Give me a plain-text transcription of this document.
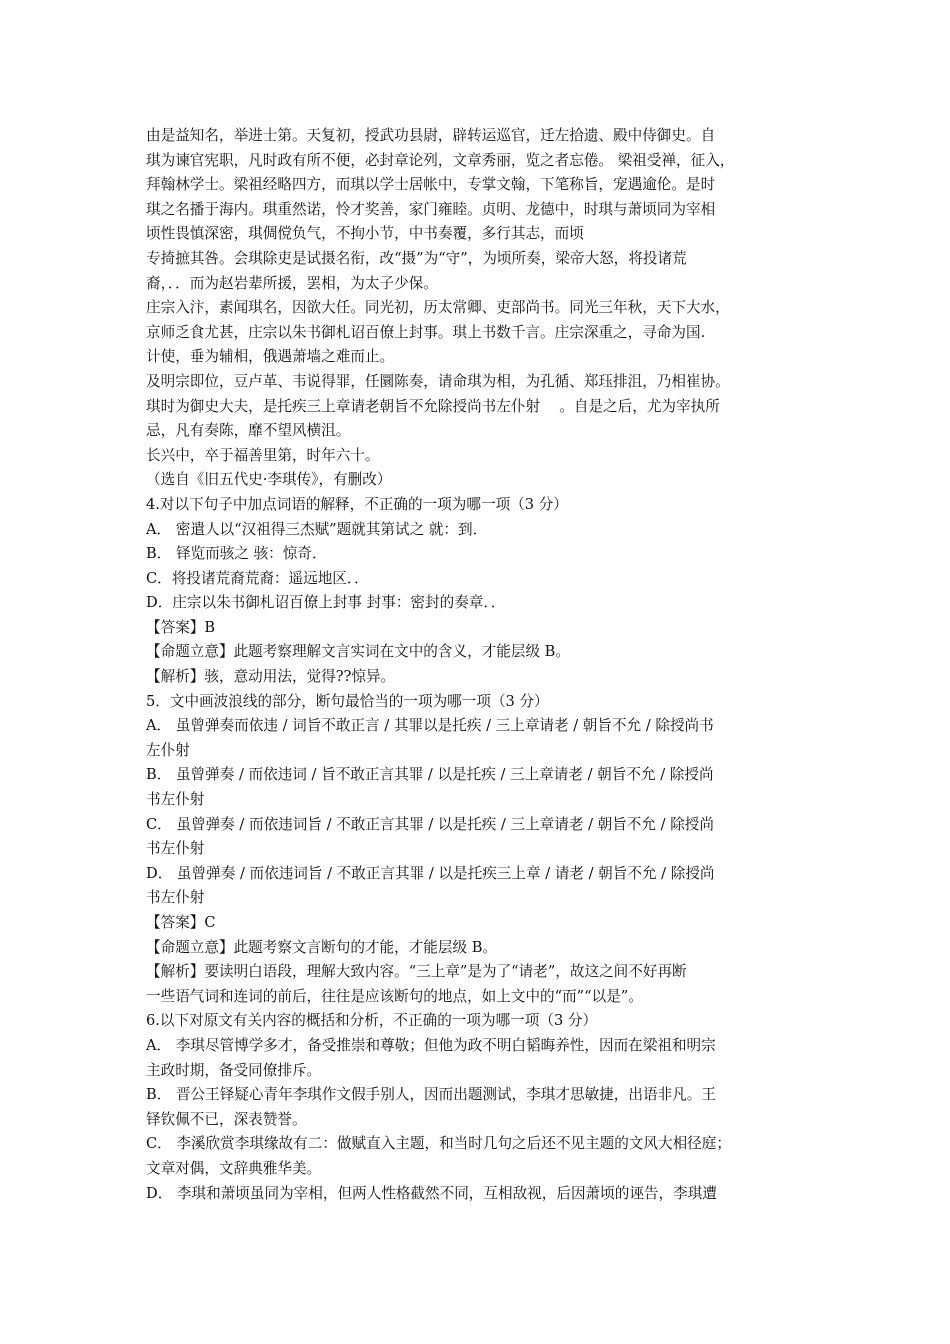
由是益知名，举进士第。天复初，授武功县尉，辟转运巡官，迁左拾遗、殿中侍御史。自
琪为谏官宪职，凡时政有所不便，必封章论列，文章秀丽，览之者忘倦。 梁祖受禅，征入，
拜翰林学士。梁祖经略四方，而琪以学士居帐中，专掌文翰，下笔称旨，宠遇逾伦。是时
琪之名播于海内。琪重然诺，怜才奖善，家门雍睦。贞明、龙德中，时琪与萧顷同为宰相
顷性畏慎深密，琪倜傥负气，不拘小节，中书奏覆，多行其志，而顷
专掎摭其咎。会琪除吏是试摄名衔，改“摄”为“守”，为顷所奏，梁帝大怒，将投诸荒
裔，．．而为赵岩辈所援，罢相，为太子少保。
庄宗入汴，素闻琪名，因欲大任。同光初，历太常卿、吏部尚书。同光三年秋，天下大水，
京师乏食尤甚，庄宗以朱书御札诏百僚上封事。琪上书数千言。庄宗深重之，寻命为国.
计使，垂为辅相，俄遇萧墙之难而止。
及明宗即位，豆卢革、韦说得罪，任圜陈奏，请命琪为相，为孔循、郑珏排沮，乃相崔协。
琪时为御史大夫，是托疾三上章请老朝旨不允除授尚书左仆射　 。自是之后，尤为宰执所
忌，凡有奏陈，靡不望风横沮。
长兴中，卒于福善里第，时年六十。
（选自《旧五代史·李琪传》，有删改）
4.对以下句子中加点词语的解释，不正确的一项为哪一项（3 分）
A． 密遣人以“汉祖得三杰赋”题就其第试之 就：到．
B． 铎览而骇之 骇：惊奇．
C．将投诸荒裔荒裔：遥远地区．．
D．庄宗以朱书御札诏百僚上封事 封事：密封的奏章．．
【答案】B
【命题立意】此题考察理解文言实词在文中的含义，才能层级 B。
【解析】骇，意动用法，觉得??惊异。
5．文中画波浪线的部分，断句最恰当的一项为哪一项（3 分）
A． 虽曾弹奏而依违 / 词旨不敢正言 / 其罪以是托疾 / 三上章请老 / 朝旨不允 / 除授尚书
左仆射
B． 虽曾弹奏 / 而依违词 / 旨不敢正言其罪 / 以是托疾 / 三上章请老 / 朝旨不允 / 除授尚
书左仆射
C． 虽曾弹奏 / 而依违词旨 / 不敢正言其罪 / 以是托疾 / 三上章请老 / 朝旨不允 / 除授尚
书左仆射
D． 虽曾弹奏 / 而依违词旨 / 不敢正言其罪 / 以是托疾三上章 / 请老 / 朝旨不允 / 除授尚
书左仆射
【答案】C
【命题立意】此题考察文言断句的才能，才能层级 B。
【解析】要读明白语段，理解大致内容。“三上章”是为了“请老”，故这之间不好再断
一些语气词和连词的前后，往往是应该断句的地点，如上文中的“而”“以是”。
6.以下对原文有关内容的概括和分析，不正确的一项为哪一项（3 分）
A． 李琪尽管博学多才，备受推崇和尊敬；但他为政不明白韬晦养性，因而在梁祖和明宗
主政时期，备受同僚排斥。
B． 晋公王铎疑心青年李琪作文假手别人，因而出题测试，李琪才思敏捷，出语非凡。王
铎钦佩不已，深表赞誉。
C． 李溪欣赏李琪缘故有二：做赋直入主题，和当时几句之后还不见主题的文风大相径庭；
文章对偶，文辞典雅华美。
D． 李琪和萧顷虽同为宰相，但两人性格截然不同，互相敌视，后因萧顷的诬告，李琪遭
